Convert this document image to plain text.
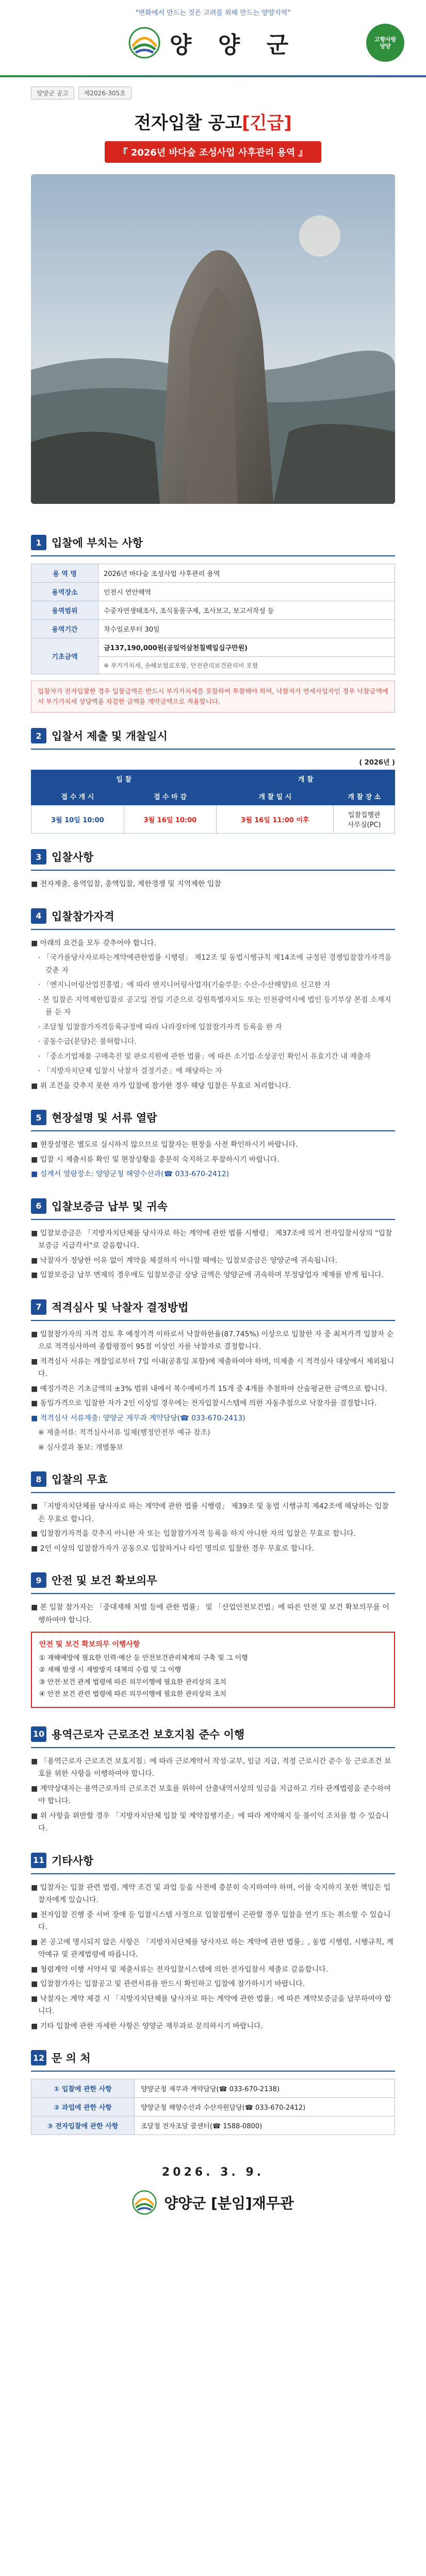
"변화에서 만드는 것은 고려를 위해 만드는 양양지역"
양 양 군	고향사랑
양양
양양군 공고	제2026-305호
전자입찰 공고[긴급]
『 2026년 바다숲 조성사업 사후관리 용역 』
1 입찰에 부치는 사항
용 역 명	2026년 바다숲 조성사업 사후관리 용역
용역장소	인천시 연안해역
용역범위	수중자연생태조사, 조식동물구제, 조사보고, 보고서작성 등
용역기간	착수일로부터 30일
기초금액	금137,190,000원(공일억삼천칠백일십구만원)
	※ 부가가치세, 손해보험료포함, 안전관리보건관리비 포함
입찰자가 전자입찰한 경우 입찰금액은 반드시 부가가치세를 포함하여 투찰해야 하며, 낙찰자가 면세사업자인 경우 낙찰금액에서 부가가치세 상당액을 차감한 금액을 계약금액으로 적용합니다.
2 입찰서 제출 및 개찰일시
( 2026년 )
입 찰		개 찰	
접 수 개 시	접 수 마 감	개 찰 일 시	개 찰 장 소
3월 10일 10:00	3월 16일 10:00	3월 16일 11:00 이후	입찰집행관
사무실(PC)
3 입찰사항

■ 전자제출, 용역입찰, 총액입찰, 제한경쟁 및 지역제한 입찰

4 입찰참가자격

■ 아래의 요건을 모두 갖추어야 합니다.

· 「국가를당사자로하는계약에관한법률 시행령」 제12조 및 동법시행규칙 제14조에 규정된 경쟁입찰참가자격을 갖춘 자

· 「엔지니어링산업진흥법」에 따라 엔지니어링사업자(기술부문: 수산-수산해양)로 신고한 자

· 본 입찰은 지역제한입찰로 공고일 전일 기준으로 강원특별자치도 또는 인천광역시에 법인 등기부상 본점 소재지를 둔 자

· 조달청 입찰참가자격등록규정에 따라 나라장터에 입찰참가자격 등록을 한 자

· 공동수급(분담)은 불허합니다.

· 「중소기업제품 구매촉진 및 판로지원에 관한 법률」에 따른 소기업·소상공인 확인서 유효기간 내 제출자

· 「지방자치단체 입찰시 낙찰자 결정기준」에 해당하는 자

■ 위 조건을 갖추지 못한 자가 입찰에 참가한 경우 해당 입찰은 무효로 처리합니다.

5 현장설명 및 서류 열람

■ 현장설명은 별도로 실시하지 않으므로 입찰자는 현장을 사전 확인하시기 바랍니다.

■ 입찰 시 제출서류 확인 및 현장상황을 충분히 숙지하고 투찰하시기 바랍니다.

■ 설계서 열람장소: 양양군청 해양수산과(☎ 033-670-2412)

6 입찰보증금 납부 및 귀속

■ 입찰보증금은 「지방자치단체를 당사자로 하는 계약에 관한 법률 시행령」 제37조에 의거 전자입찰서상의 "입찰보증금 지급각서"로 갈음합니다.

■ 낙찰자가 정당한 이유 없이 계약을 체결하지 아니할 때에는 입찰보증금은 양양군에 귀속됩니다.

■ 입찰보증금 납부 면제의 경우에도 입찰보증금 상당 금액은 양양군에 귀속하며 부정당업자 제재를 받게 됩니다.

7 적격심사 및 낙찰자 결정방법

■ 입찰참가자의 자격 검토 후 예정가격 이하로서 낙찰하한율(87.745%) 이상으로 입찰한 자 중 최저가격 입찰자 순으로 적격심사하여 종합평점이 95점 이상인 자를 낙찰자로 결정합니다.

■ 적격심사 서류는 개찰일로부터 7일 이내(공휴일 포함)에 제출하여야 하며, 미제출 시 적격심사 대상에서 제외됩니다.

■ 예정가격은 기초금액의 ±3% 범위 내에서 복수예비가격 15개 중 4개를 추첨하여 산술평균한 금액으로 합니다.

■ 동일가격으로 입찰한 자가 2인 이상일 경우에는 전자입찰시스템에 의한 자동추첨으로 낙찰자를 결정합니다.

■ 적격심사 서류제출: 양양군 재무과 계약담당(☎ 033-670-2413)

※ 제출서류: 적격심사서류 일체(행정안전부 예규 참조)

※ 심사결과 통보: 개별통보

8 입찰의 무효

■ 「지방자치단체를 당사자로 하는 계약에 관한 법률 시행령」 제39조 및 동법 시행규칙 제42조에 해당하는 입찰은 무효로 합니다.

■ 입찰참가자격을 갖추지 아니한 자 또는 입찰참가자격 등록을 하지 아니한 자의 입찰은 무효로 합니다.

■ 2인 이상의 입찰참가자가 공동으로 입찰하거나 타인 명의로 입찰한 경우 무효로 합니다.

9 안전 및 보건 확보의무

■ 본 입찰 참가자는 「중대재해 처벌 등에 관한 법률」 및 「산업안전보건법」에 따른 안전 및 보건 확보의무를 이행하여야 합니다.

안전 및 보건 확보의무 이행사항
① 재해예방에 필요한 인력·예산 등 안전보건관리체계의 구축 및 그 이행
② 재해 발생 시 재발방지 대책의 수립 및 그 이행
③ 안전·보건 관계 법령에 따른 의무이행에 필요한 관리상의 조치
④ 안전 보건 관련 법령에 따른 의무이행에 필요한 관리상의 조치
10 용역근로자 근로조건 보호지침 준수 이행

■ 「용역근로자 근로조건 보호지침」에 따라 근로계약서 작성·교부, 임금 지급, 적정 근로시간 준수 등 근로조건 보호를 위한 사항을 이행하여야 합니다.

■ 계약상대자는 용역근로자의 근로조건 보호를 위하여 산출내역서상의 임금을 지급하고 기타 관계법령을 준수하여야 합니다.

■ 위 사항을 위반할 경우 「지방자치단체 입찰 및 계약집행기준」에 따라 계약해지 등 불이익 조치를 할 수 있습니다.

11 기타사항

■ 입찰자는 입찰 관련 법령, 계약 조건 및 과업 등을 사전에 충분히 숙지하여야 하며, 이를 숙지하지 못한 책임은 입찰자에게 있습니다.

■ 전자입찰 진행 중 서버 장애 등 입찰시스템 사정으로 입찰집행이 곤란할 경우 입찰을 연기 또는 취소할 수 있습니다.

■ 본 공고에 명시되지 않은 사항은 「지방자치단체를 당사자로 하는 계약에 관한 법률」, 동법 시행령, 시행규칙, 계약예규 및 관계법령에 따릅니다.

■ 청렴계약 이행 서약서 및 제출서류는 전자입찰시스템에 의한 전자입찰서 제출로 갈음합니다.

■ 입찰참가자는 입찰공고 및 관련서류를 반드시 확인하고 입찰에 참가하시기 바랍니다.

■ 낙찰자는 계약 체결 시 「지방자치단체를 당사자로 하는 계약에 관한 법률」에 따른 계약보증금을 납부하여야 합니다.

■ 기타 입찰에 관한 자세한 사항은 양양군 재무과로 문의하시기 바랍니다.

12 문 의 처
① 입찰에 관한 사항	양양군청 재무과 계약담당(☎ 033-670-2138)
② 과업에 관한 사항	양양군청 해양수산과 수산자원담당(☎ 033-670-2412)
③ 전자입찰에 관한 사항	조달청 전자조달 콜센터(☎ 1588-0800)
2026. 3. 9.
양양군 [분임]재무관
